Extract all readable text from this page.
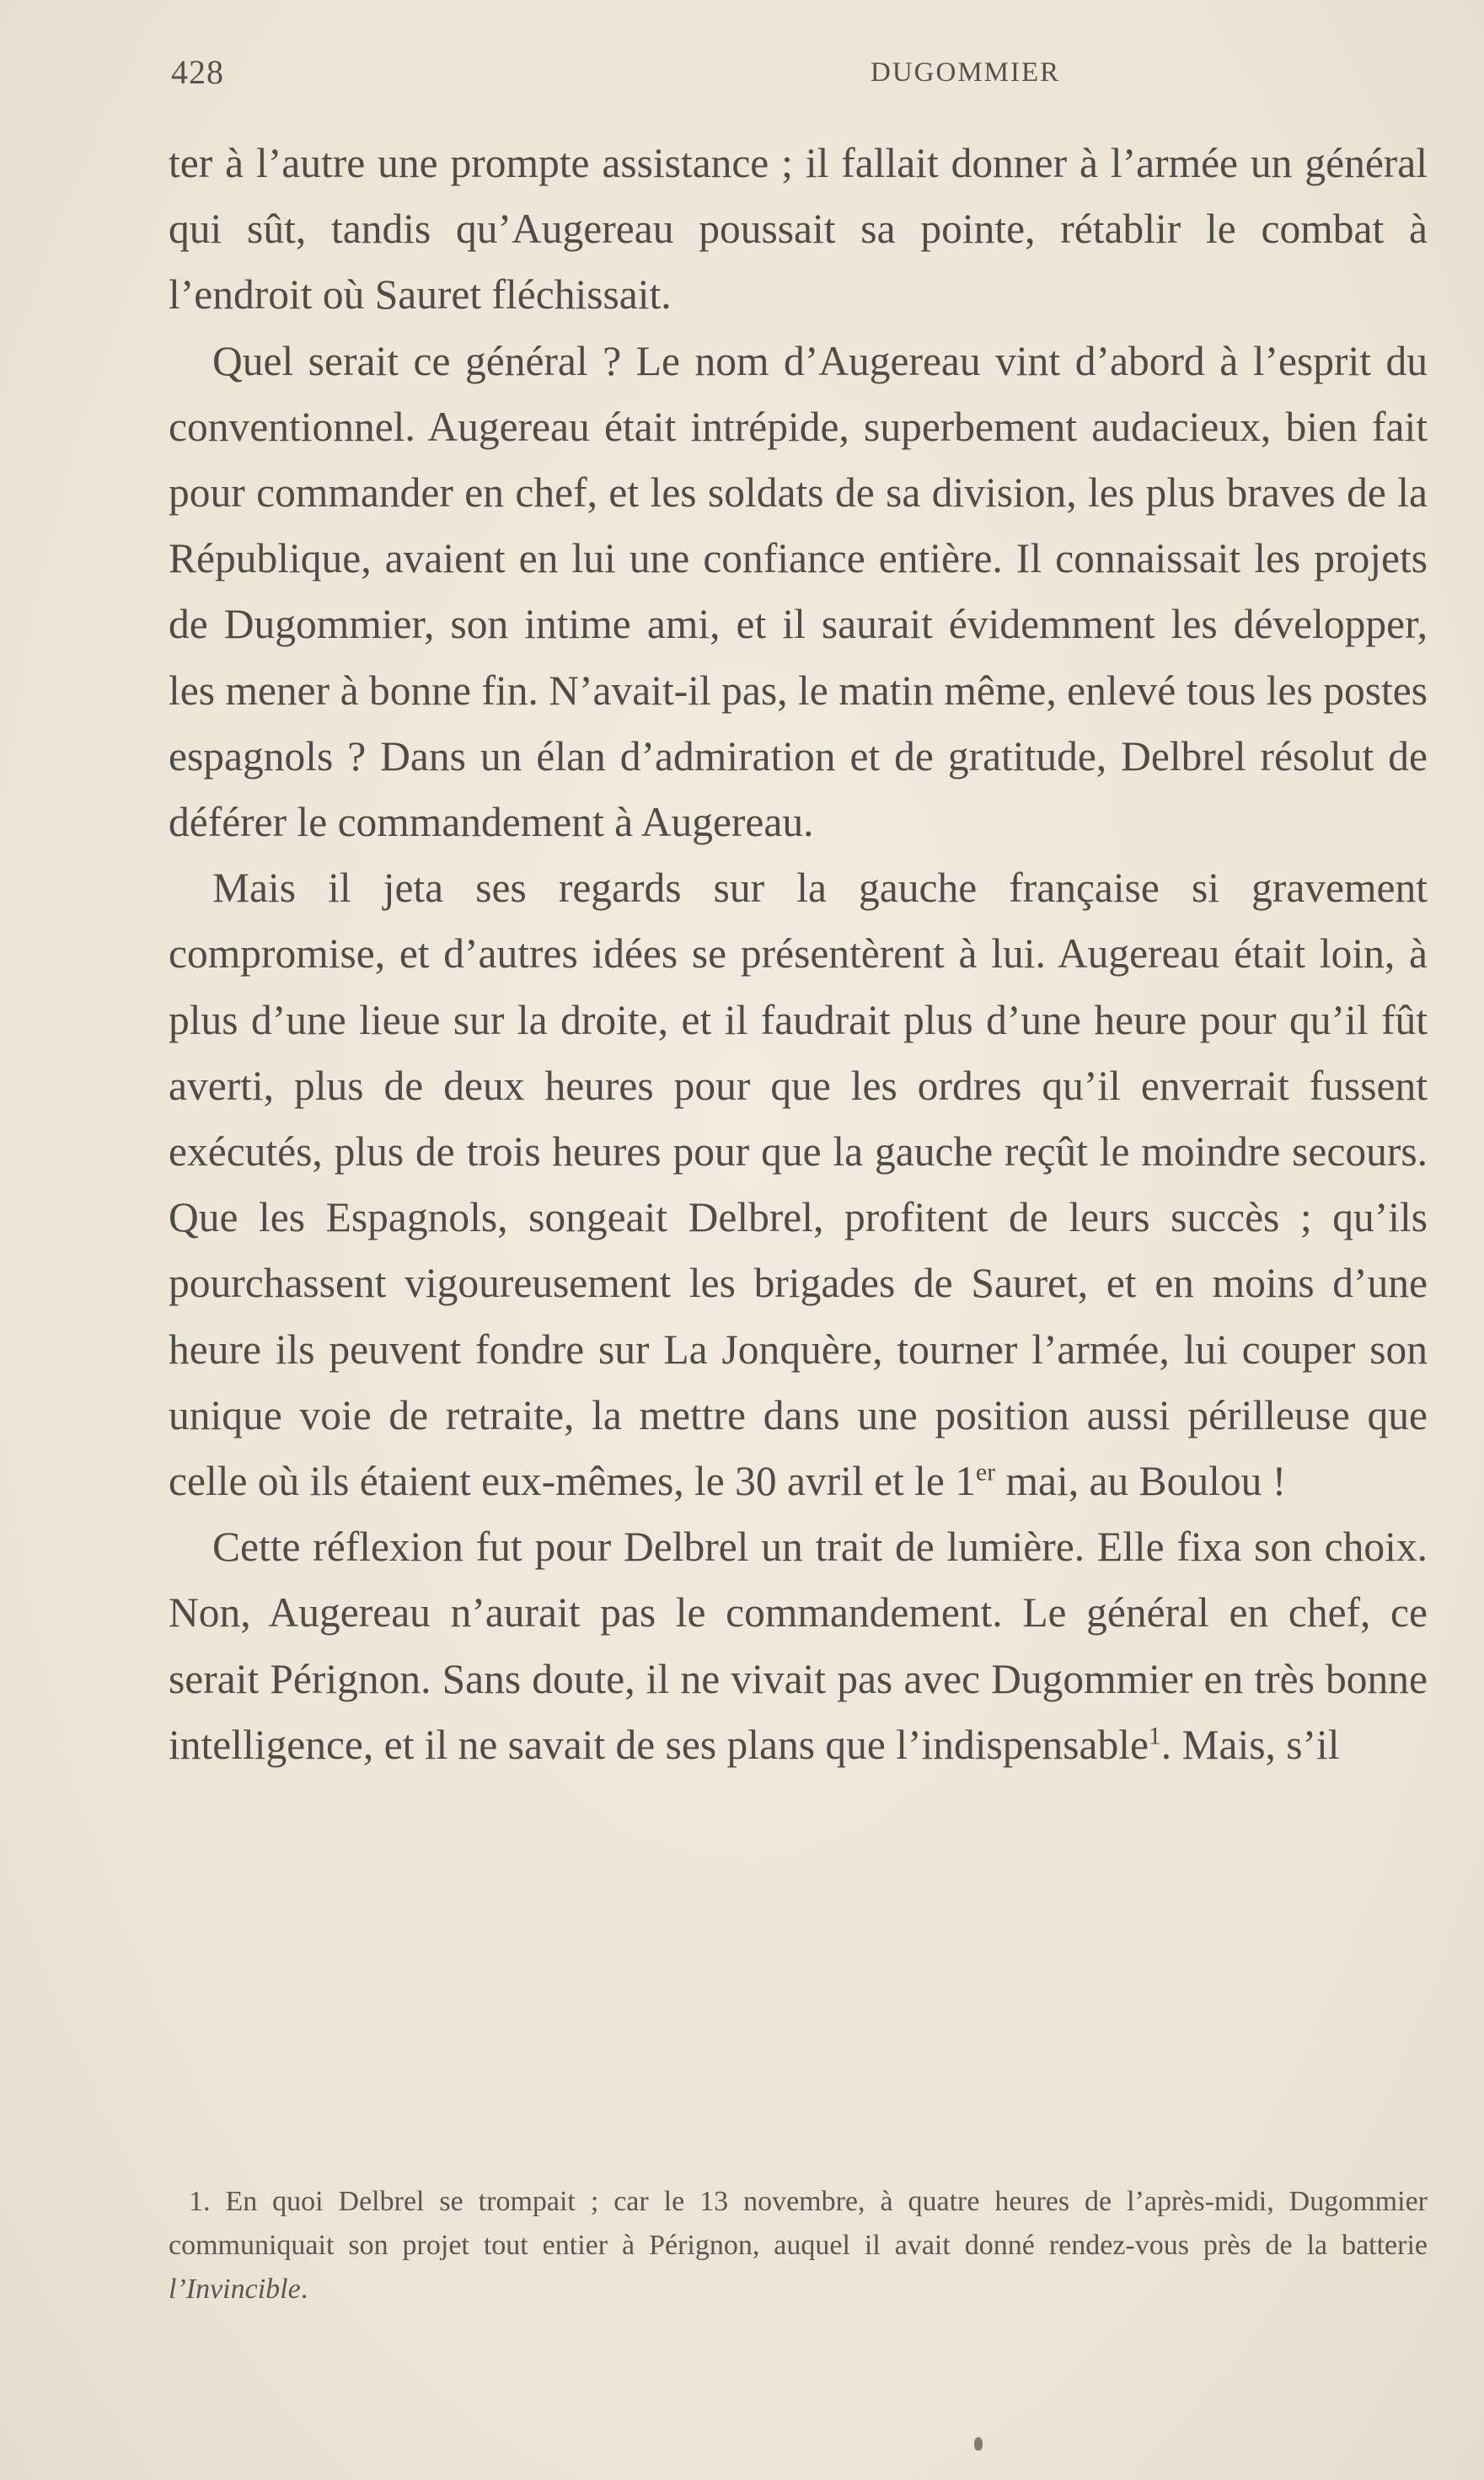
428	DUGOMMIER

ter à l’autre une prompte assistance ; il fallait donner à l’armée un général qui sût, tandis qu’Augereau poussait sa pointe, rétablir le combat à l’endroit où Sauret fléchissait.

Quel serait ce général ? Le nom d’Augereau vint d’abord à l’esprit du conventionnel. Augereau était intrépide, superbement audacieux, bien fait pour commander en chef, et les soldats de sa division, les plus braves de la République, avaient en lui une confiance entière. Il connaissait les projets de Dugommier, son intime ami, et il saurait évidemment les développer, les mener à bonne fin. N’avait-il pas, le matin même, enlevé tous les postes espagnols ? Dans un élan d’admiration et de gratitude, Delbrel résolut de déférer le commandement à Augereau.

Mais il jeta ses regards sur la gauche française si gravement compromise, et d’autres idées se présentèrent à lui. Augereau était loin, à plus d’une lieue sur la droite, et il faudrait plus d’une heure pour qu’il fût averti, plus de deux heures pour que les ordres qu’il enverrait fussent exécutés, plus de trois heures pour que la gauche reçût le moindre secours. Que les Espagnols, songeait Delbrel, profitent de leurs succès ; qu’ils pourchassent vigoureusement les brigades de Sauret, et en moins d’une heure ils peuvent fondre sur La Jonquère, tourner l’armée, lui couper son unique voie de retraite, la mettre dans une position aussi périlleuse que celle où ils étaient eux-mêmes, le 30 avril et le 1er mai, au Boulou !

Cette réflexion fut pour Delbrel un trait de lumière. Elle fixa son choix. Non, Augereau n’aurait pas le commandement. Le général en chef, ce serait Pérignon. Sans doute, il ne vivait pas avec Dugommier en très bonne intelligence, et il ne savait de ses plans que l’indispensable$^1$. Mais, s’il

1. En quoi Delbrel se trompait ; car le 13 novembre, à quatre heures de l’après-midi, Dugommier communiquait son projet tout entier à Pérignon, auquel il avait donné rendez-vous près de la batterie l’Invincible.
